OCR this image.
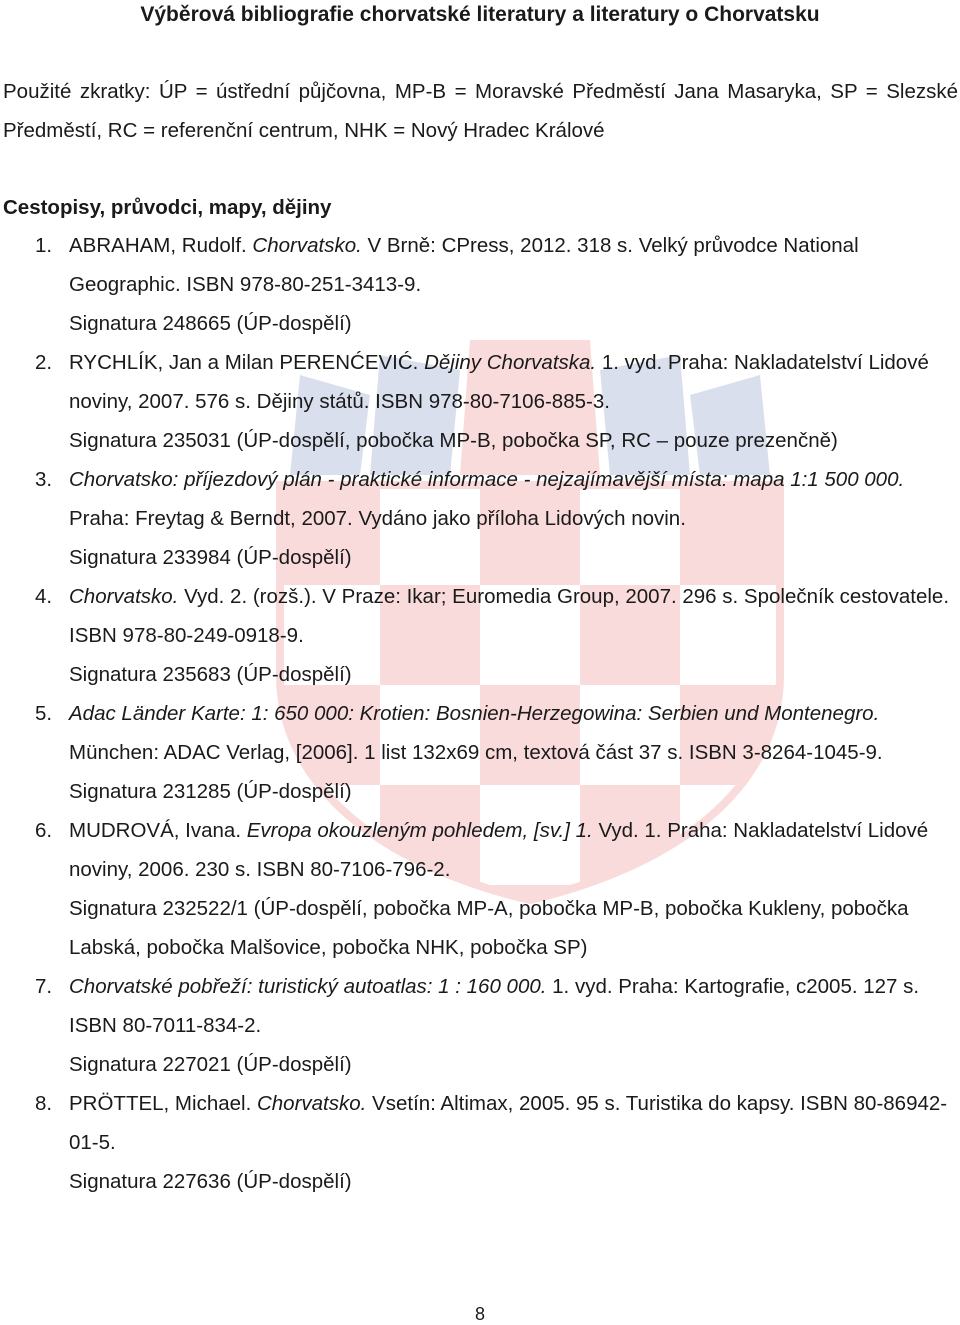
Výběrová bibliografie chorvatské literatury a literatury o Chorvatsku
Použité zkratky: ÚP = ústřední půjčovna, MP-B = Moravské Předměstí Jana Masaryka, SP = Slezské Předměstí, RC = referenční centrum, NHK = Nový Hradec Králové
Cestopisy, průvodci, mapy, dějiny
1. ABRAHAM, Rudolf. Chorvatsko. V Brně: CPress, 2012. 318 s. Velký průvodce National Geographic. ISBN 978-80-251-3413-9.
Signatura 248665 (ÚP-dospělí)
2. RYCHLÍK, Jan a Milan PERENĆEVIĆ. Dějiny Chorvatska. 1. vyd. Praha: Nakladatelství Lidové noviny, 2007. 576 s. Dějiny států. ISBN 978-80-7106-885-3.
Signatura 235031 (ÚP-dospělí, pobočka MP-B, pobočka SP, RC – pouze prezenčně)
3. Chorvatsko: příjezdový plán - praktické informace - nejzajímavější místa: mapa 1:1 500 000. Praha: Freytag & Berndt, 2007. Vydáno jako příloha Lidových novin.
Signatura 233984 (ÚP-dospělí)
4. Chorvatsko. Vyd. 2. (rozš.). V Praze: Ikar; Euromedia Group, 2007. 296 s. Společník cestovatele. ISBN 978-80-249-0918-9.
Signatura 235683 (ÚP-dospělí)
5. Adac Länder Karte: 1: 650 000: Krotien: Bosnien-Herzegowina: Serbien und Montenegro. München: ADAC Verlag, [2006]. 1 list 132x69 cm, textová část 37 s. ISBN 3-8264-1045-9.
Signatura 231285 (ÚP-dospělí)
6. MUDROVÁ, Ivana. Evropa okouzleným pohledem, [sv.] 1. Vyd. 1. Praha: Nakladatelství Lidové noviny, 2006. 230 s. ISBN 80-7106-796-2.
Signatura 232522/1 (ÚP-dospělí, pobočka MP-A, pobočka MP-B, pobočka Kukleny, pobočka Labská, pobočka Malšovice, pobočka NHK, pobočka SP)
7. Chorvatské pobřeží: turistický autoatlas: 1 : 160 000. 1. vyd. Praha: Kartografie, c2005. 127 s. ISBN 80-7011-834-2.
Signatura 227021 (ÚP-dospělí)
8. PRÖTTEL, Michael. Chorvatsko. Vsetín: Altimax, 2005. 95 s. Turistika do kapsy. ISBN 80-86942-01-5.
Signatura 227636 (ÚP-dospělí)
8
